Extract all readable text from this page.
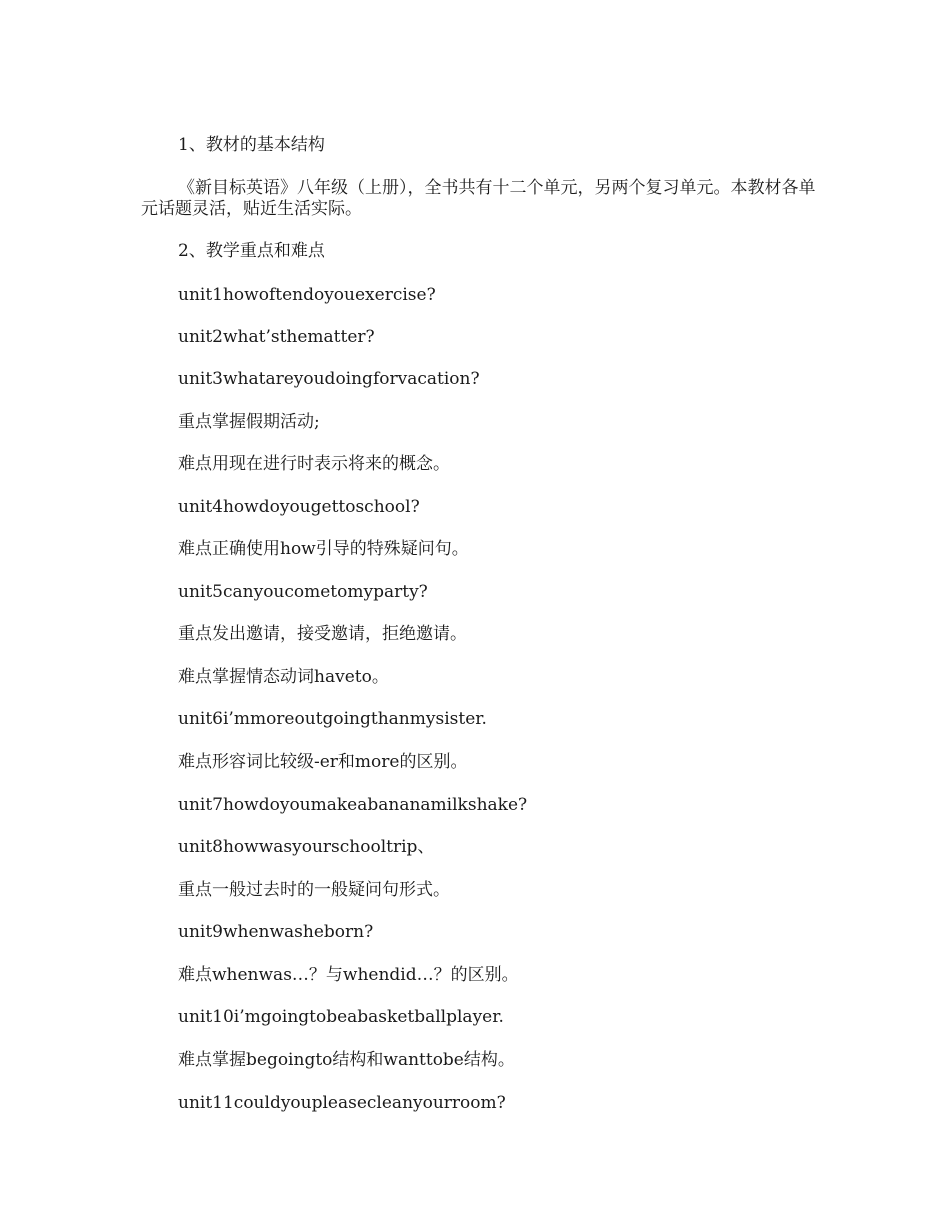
1、教材的基本结构

《新目标英语》八年级（上册），全书共有十二个单元，另两个复习单元。本教材各单元话题灵活，贴近生活实际。

2、教学重点和难点

unit1howoftendoyouexercise?

unit2what’sthematter?

unit3whatareyoudoingforvacation?

重点掌握假期活动;

难点用现在进行时表示将来的概念。

unit4howdoyougettoschool?

难点正确使用how引导的特殊疑问句。

unit5canyoucometomyparty?

重点发出邀请，接受邀请，拒绝邀请。

难点掌握情态动词haveto。

unit6i’mmoreoutgoingthanmysister.

难点形容词比较级-er和more的区别。

unit7howdoyoumakeabananamilkshake?

unit8howwasyourschooltrip、

重点一般过去时的一般疑问句形式。

unit9whenwasheborn?

难点whenwas…？与whendid…？的区别。

unit10i’mgoingtobeabasketballplayer.

难点掌握begoingto结构和wanttobe结构。

unit11couldyoupleasecleanyourroom?
